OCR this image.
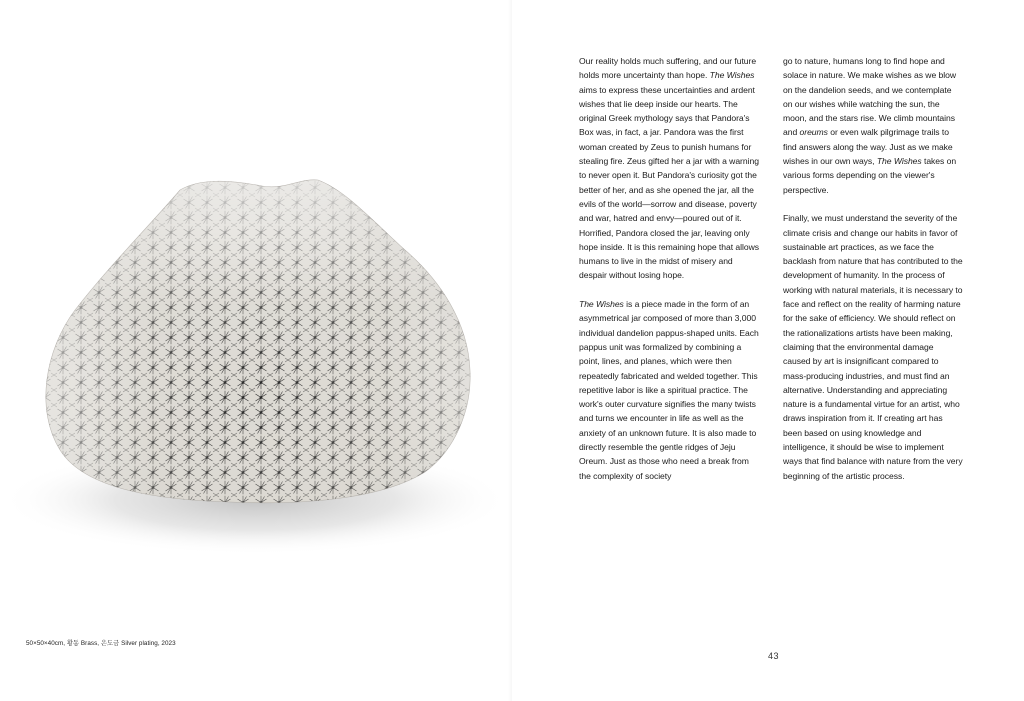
50×50×40cm, 황동 Brass, 은도금 Silver plating, 2023

Our reality holds much suffering, and our future holds more uncertainty than hope. The Wishes aims to express these uncertainties and ardent wishes that lie deep inside our hearts. The original Greek mythology says that Pandora's Box was, in fact, a jar. Pandora was the first woman created by Zeus to punish humans for stealing fire. Zeus gifted her a jar with a warning to never open it. But Pandora's curiosity got the better of her, and as she opened the jar, all the evils of the world—sorrow and disease, poverty and war, hatred and envy—poured out of it. Horrified, Pandora closed the jar, leaving only hope inside. It is this remaining hope that allows humans to live in the midst of misery and despair without losing hope.

The Wishes is a piece made in the form of an asymmetrical jar composed of more than 3,000 individual dandelion pappus-shaped units. Each pappus unit was formalized by combining a point, lines, and planes, which were then repeatedly fabricated and welded together. This repetitive labor is like a spiritual practice. The work's outer curvature signifies the many twists and turns we encounter in life as well as the anxiety of an unknown future. It is also made to directly resemble the gentle ridges of Jeju Oreum. Just as those who need a break from the complexity of society

go to nature, humans long to find hope and solace in nature. We make wishes as we blow on the dandelion seeds, and we contemplate on our wishes while watching the sun, the moon, and the stars rise. We climb mountains and oreums or even walk pilgrimage trails to find answers along the way. Just as we make wishes in our own ways, The Wishes takes on various forms depending on the viewer's perspective.

Finally, we must understand the severity of the climate crisis and change our habits in favor of sustainable art practices, as we face the backlash from nature that has contributed to the development of humanity. In the process of working with natural materials, it is necessary to face and reflect on the reality of harming nature for the sake of efficiency. We should reflect on the rationalizations artists have been making, claiming that the environmental damage caused by art is insignificant compared to mass-producing industries, and must find an alternative. Understanding and appreciating nature is a fundamental virtue for an artist, who draws inspiration from it. If creating art has been based on using knowledge and intelligence, it should be wise to implement ways that find balance with nature from the very beginning of the artistic process.

43
